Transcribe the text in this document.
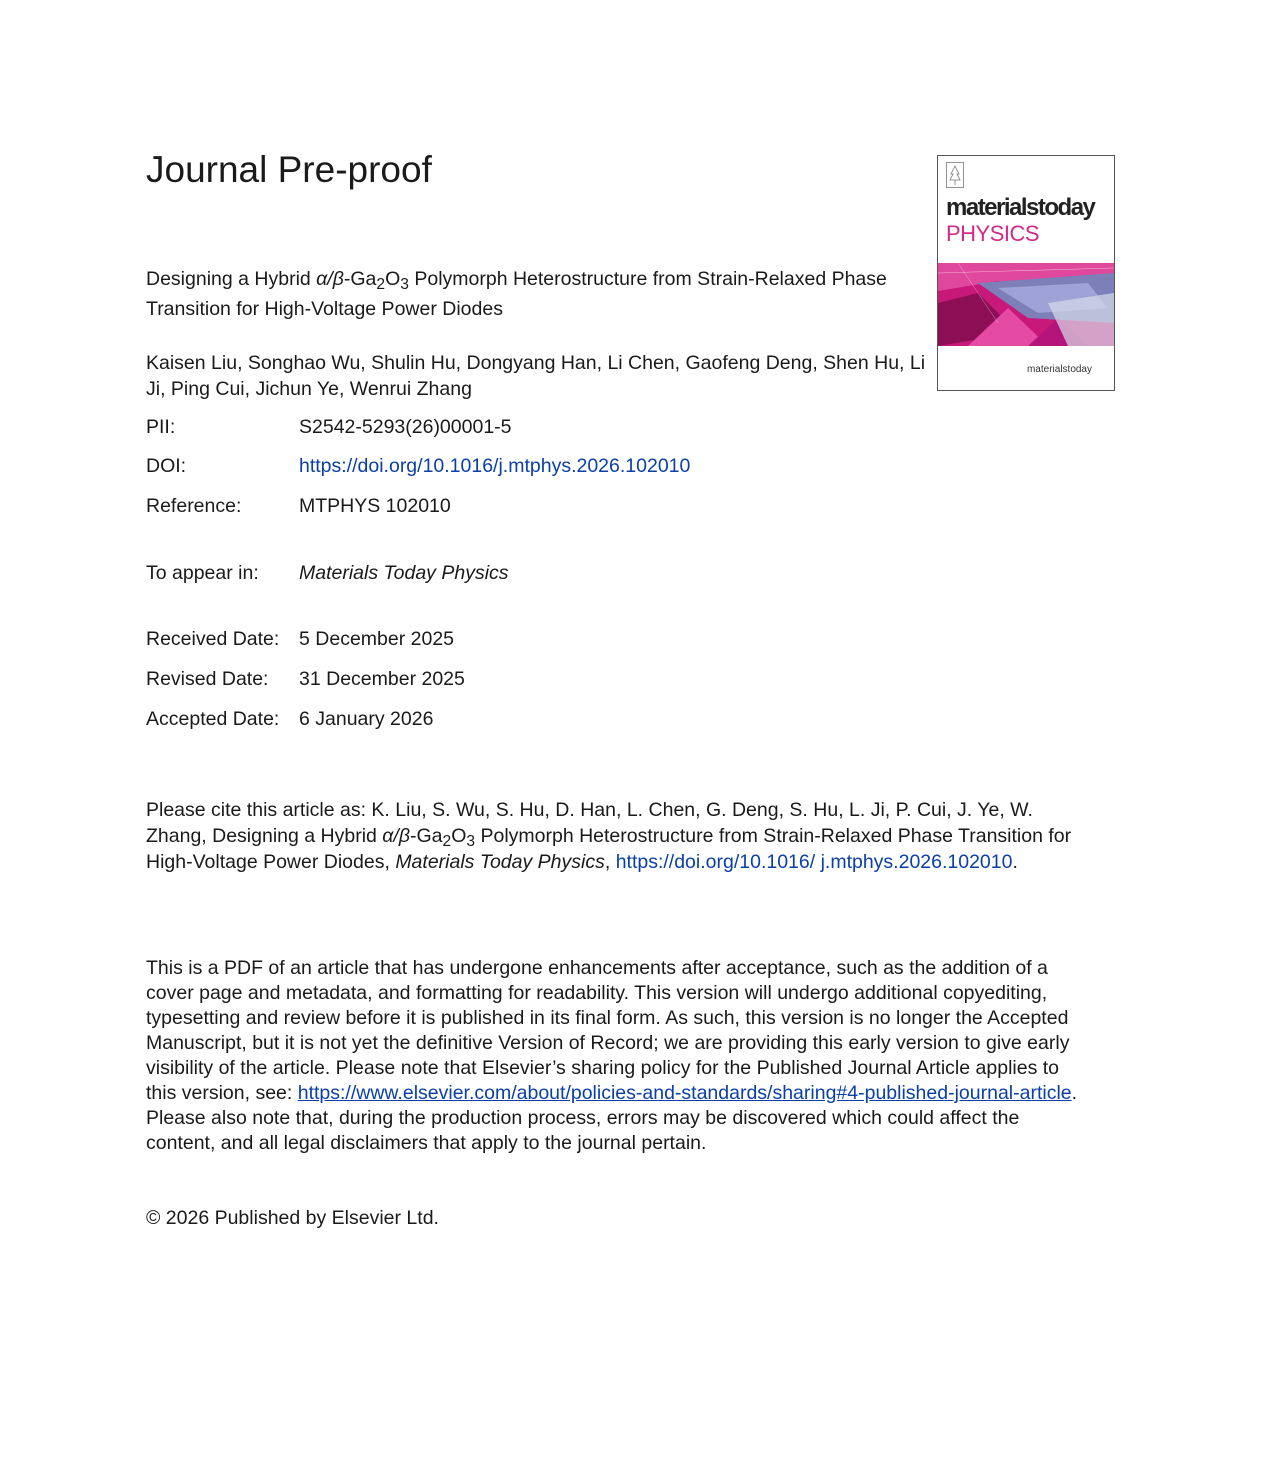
Journal Pre-proof
materialstoday
PHYSICS
materialstoday
Designing a Hybrid $\alpha/\beta-Ga_2O_3$ Polymorph Heterostructure from Strain-Relaxed Phase Transition for High-Voltage Power Diodes
Kaisen Liu, Songhao Wu, Shulin Hu, Dongyang Han, Li Chen, Gaofeng Deng, Shen Hu, Li Ji, Ping Cui, Jichun Ye, Wenrui Zhang
PII:	S2542-5293(26)00001-5
DOI:	https://doi.org/10.1016/j.mtphys.2026.102010
Reference:	MTPHYS 102010
To appear in: Materials Today Physics
Received Date: 5 December 2025
Revised Date: 31 December 2025
Accepted Date: 6 January 2026
Please cite this article as: K. Liu, S. Wu, S. Hu, D. Han, L. Chen, G. Deng, S. Hu, L. Ji, P. Cui, J. Ye, W. Zhang, Designing a Hybrid $\alpha/\beta-Ga_2O_3$ Polymorph Heterostructure from Strain-Relaxed Phase Transition for High-Voltage Power Diodes, Materials Today Physics, https://doi.org/10.1016/ j.mtphys.2026.102010.
This is a PDF of an article that has undergone enhancements after acceptance, such as the addition of a cover page and metadata, and formatting for readability. This version will undergo additional copyediting, typesetting and review before it is published in its final form. As such, this version is no longer the Accepted Manuscript, but it is not yet the definitive Version of Record; we are providing this early version to give early visibility of the article. Please note that Elsevier’s sharing policy for the Published Journal Article applies to this version, see: https://www.elsevier.com/about/policies-and-standards/sharing#4-published-journal-article. Please also note that, during the production process, errors may be discovered which could affect the content, and all legal disclaimers that apply to the journal pertain.
© 2026 Published by Elsevier Ltd.
